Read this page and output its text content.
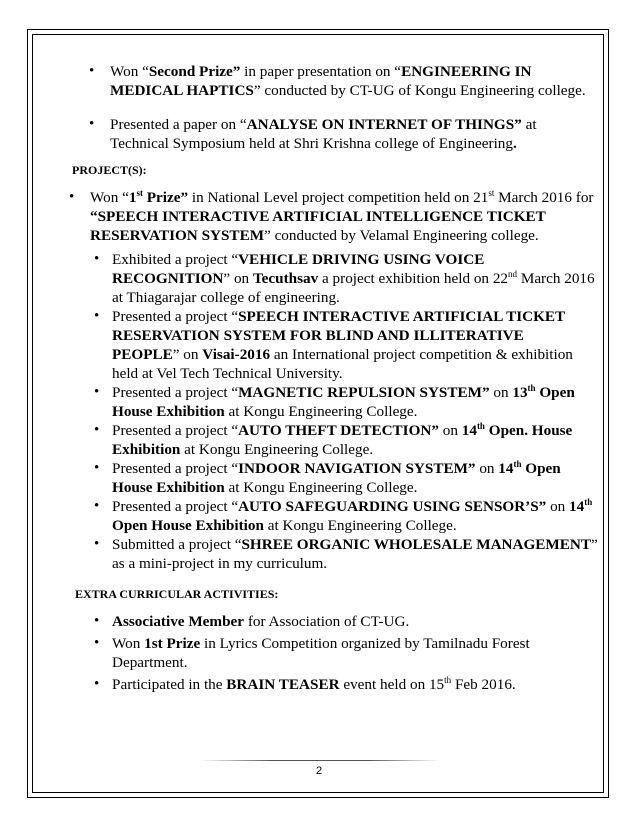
• Won “Second Prize” in paper presentation on “ENGINEERING IN
MEDICAL HAPTICS” conducted by CT-UG of Kongu Engineering college.
• Presented a paper on “ANALYSE ON INTERNET OF THINGS” at
Technical Symposium held at Shri Krishna college of Engineering.
PROJECT(S):
• Won “1st Prize” in National Level project competition held on 21st March 2016 for
“SPEECH INTERACTIVE ARTIFICIAL INTELLIGENCE TICKET
RESERVATION SYSTEM” conducted by Velamal Engineering college.
• Exhibited a project “VEHICLE DRIVING USING VOICE
RECOGNITION” on Tecuthsav a project exhibition held on 22nd March 2016
at Thiagarajar college of engineering.
• Presented a project “SPEECH INTERACTIVE ARTIFICIAL TICKET
RESERVATION SYSTEM FOR BLIND AND ILLITERATIVE
PEOPLE” on Visai-2016 an International project competition & exhibition
held at Vel Tech Technical University.
• Presented a project “MAGNETIC REPULSION SYSTEM” on 13th Open
House Exhibition at Kongu Engineering College.
• Presented a project “AUTO THEFT DETECTION” on 14th Open. House
Exhibition at Kongu Engineering College.
• Presented a project “INDOOR NAVIGATION SYSTEM” on 14th Open
House Exhibition at Kongu Engineering College.
• Presented a project “AUTO SAFEGUARDING USING SENSOR’S” on 14th
Open House Exhibition at Kongu Engineering College.
• Submitted a project “SHREE ORGANIC WHOLESALE MANAGEMENT”
as a mini-project in my curriculum.
EXTRA CURRICULAR ACTIVITIES:
• Associative Member for Association of CT-UG.
• Won 1st Prize in Lyrics Competition organized by Tamilnadu Forest
Department.
• Participated in the BRAIN TEASER event held on 15th Feb 2016.
2
